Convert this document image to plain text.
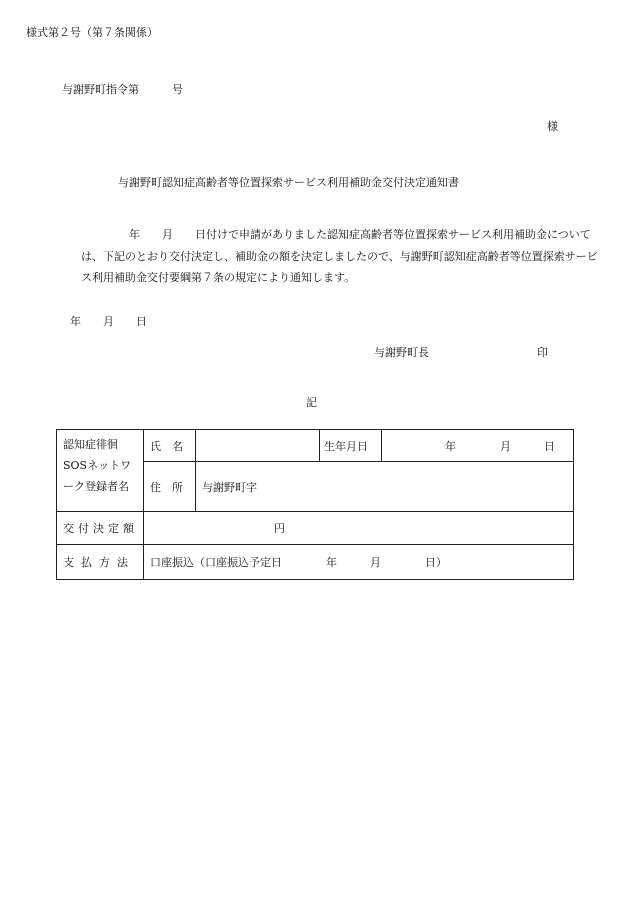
様式第２号（第７条関係）
与謝野町指令第　　　号
様
与謝野町認知症高齢者等位置探索サービス利用補助金交付決定通知書
　年　　月　　日付けで申請がありました認知症高齢者等位置探索サービス利用補助金については、下記のとおり交付決定し、補助金の額を決定しましたので、与謝野町認知症高齢者等位置探索サービス利用補助金交付要綱第７条の規定により通知します。
年　　月　　日
与謝野町長	印
記
認知症徘徊SOSネットワーク登録者名	氏　名		生年月日	年　　　　月　　　日
	住　所	与謝野町字		
交付決定額	円			
支払方法	口座振込（口座振込予定日　　　　年　　　月　　　　日）			
